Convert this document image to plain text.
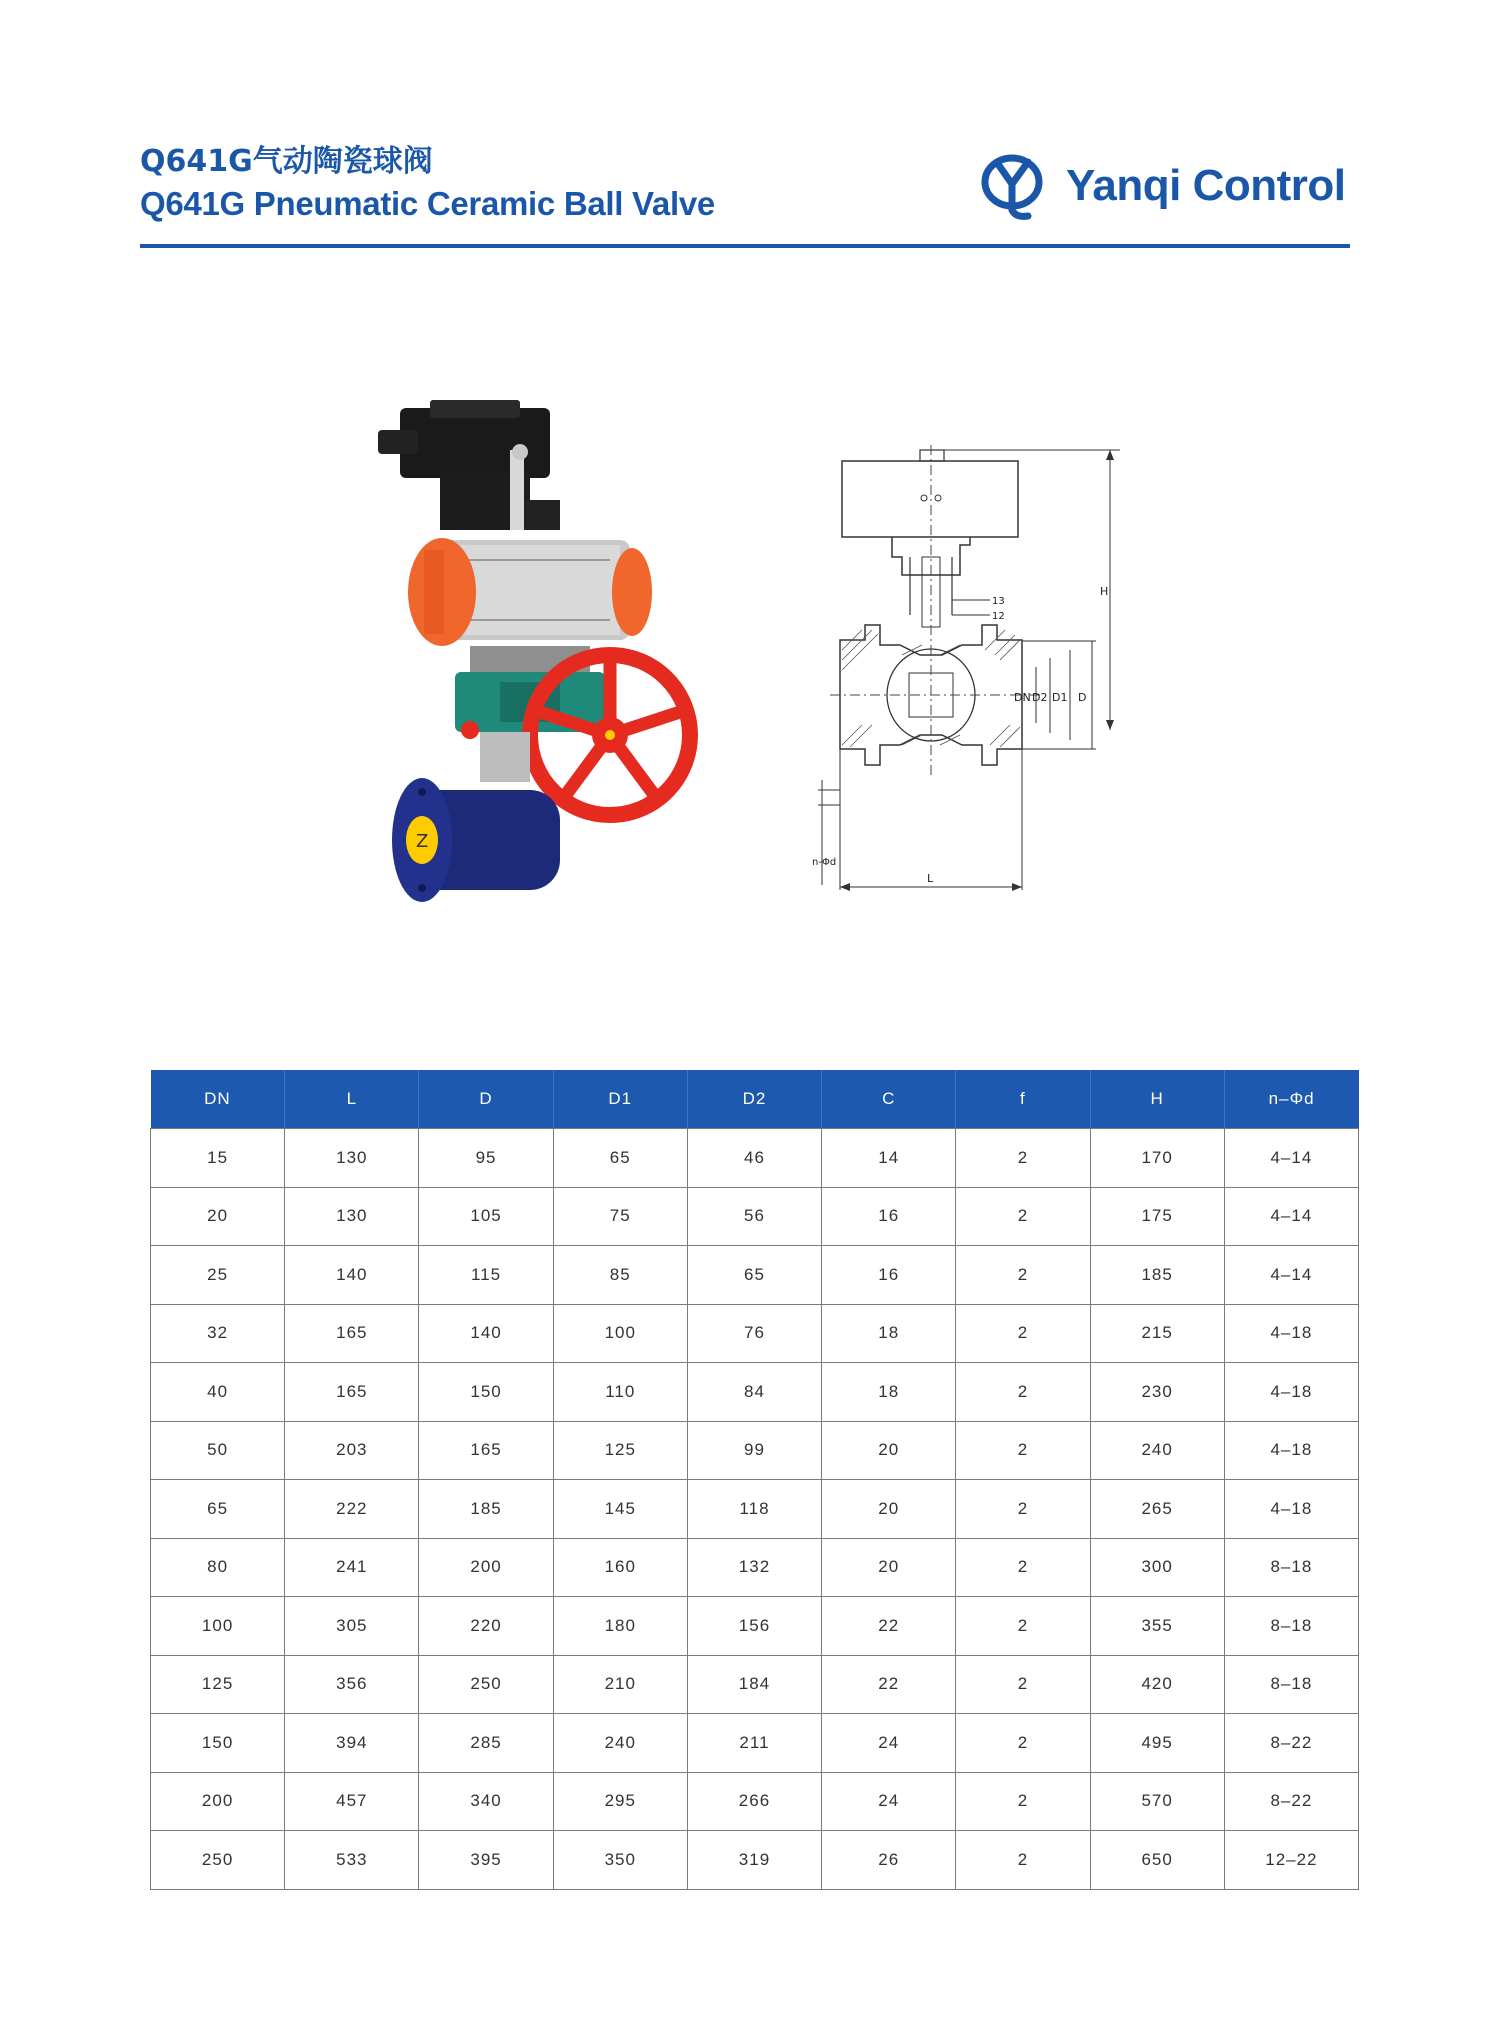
Q641G气动陶瓷球阀
Q641G Pneumatic Ceramic Ball Valve	Yanqi Control
Z
H
D
D1
D2
DN
13
12
L
n-Φd
DN	L	D	D1	D2	C	f	H	n–Φd
15	130	95	65	46	14	2	170	4–14
20	130	105	75	56	16	2	175	4–14
25	140	115	85	65	16	2	185	4–14
32	165	140	100	76	18	2	215	4–18
40	165	150	110	84	18	2	230	4–18
50	203	165	125	99	20	2	240	4–18
65	222	185	145	118	20	2	265	4–18
80	241	200	160	132	20	2	300	8–18
100	305	220	180	156	22	2	355	8–18
125	356	250	210	184	22	2	420	8–18
150	394	285	240	211	24	2	495	8–22
200	457	340	295	266	24	2	570	8–22
250	533	395	350	319	26	2	650	12–22
